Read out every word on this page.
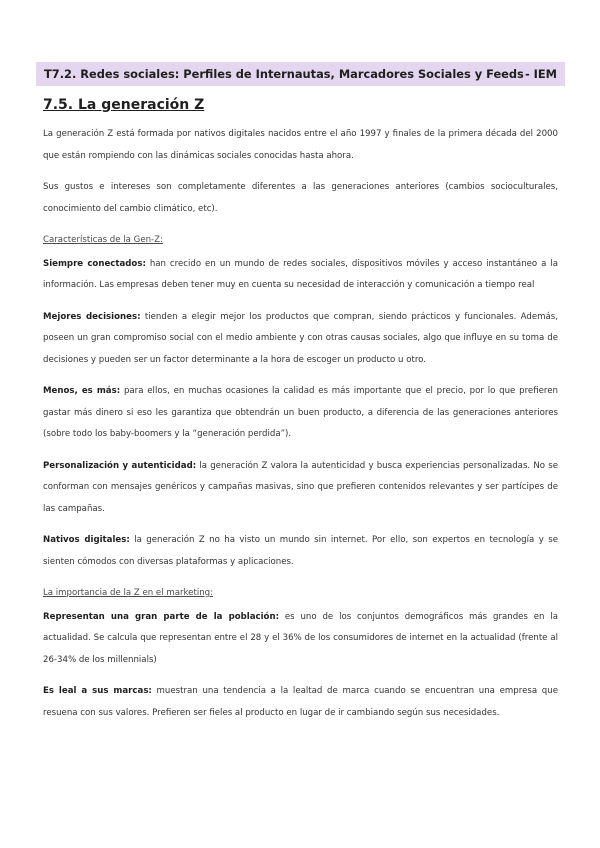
T7.2. Redes sociales: Perfiles de Internautas, Marcadores Sociales y Feeds - IEM
7.5. La generación Z

La generación Z está formada por nativos digitales nacidos entre el año 1997 y finales de la primera década del 2000 que están rompiendo con las dinámicas sociales conocidas hasta ahora.

Sus gustos e intereses son completamente diferentes a las generaciones anteriores (cambios socioculturales, conocimiento del cambio climático, etc).

Características de la Gen-Z:

Siempre conectados: han crecido en un mundo de redes sociales, dispositivos móviles y acceso instantáneo a la información. Las empresas deben tener muy en cuenta su necesidad de interacción y comunicación a tiempo real

Mejores decisiones: tienden a elegir mejor los productos que compran, siendo prácticos y funcionales. Además, poseen un gran compromiso social con el medio ambiente y con otras causas sociales, algo que influye en su toma de decisiones y pueden ser un factor determinante a la hora de escoger un producto u otro.

Menos, es más: para ellos, en muchas ocasiones la calidad es más importante que el precio, por lo que prefieren gastar más dinero si eso les garantiza que obtendrán un buen producto, a diferencia de las generaciones anteriores (sobre todo los baby-boomers y la “generación perdida”).

Personalización y autenticidad: la generación Z valora la autenticidad y busca experiencias personalizadas. No se conforman con mensajes genéricos y campañas masivas, sino que prefieren contenidos relevantes y ser partícipes de las campañas.

Nativos digitales: la generación Z no ha visto un mundo sin internet. Por ello, son expertos en tecnología y se sienten cómodos con diversas plataformas y aplicaciones.

La importancia de la Z en el marketing:

Representan una gran parte de la población: es uno de los conjuntos demográficos más grandes en la actualidad. Se calcula que representan entre el 28 y el 36% de los consumidores de internet en la actualidad (frente al 26-34% de los millennials)

Es leal a sus marcas: muestran una tendencia a la lealtad de marca cuando se encuentran una empresa que resuena con sus valores. Prefieren ser fieles al producto en lugar de ir cambiando según sus necesidades.
